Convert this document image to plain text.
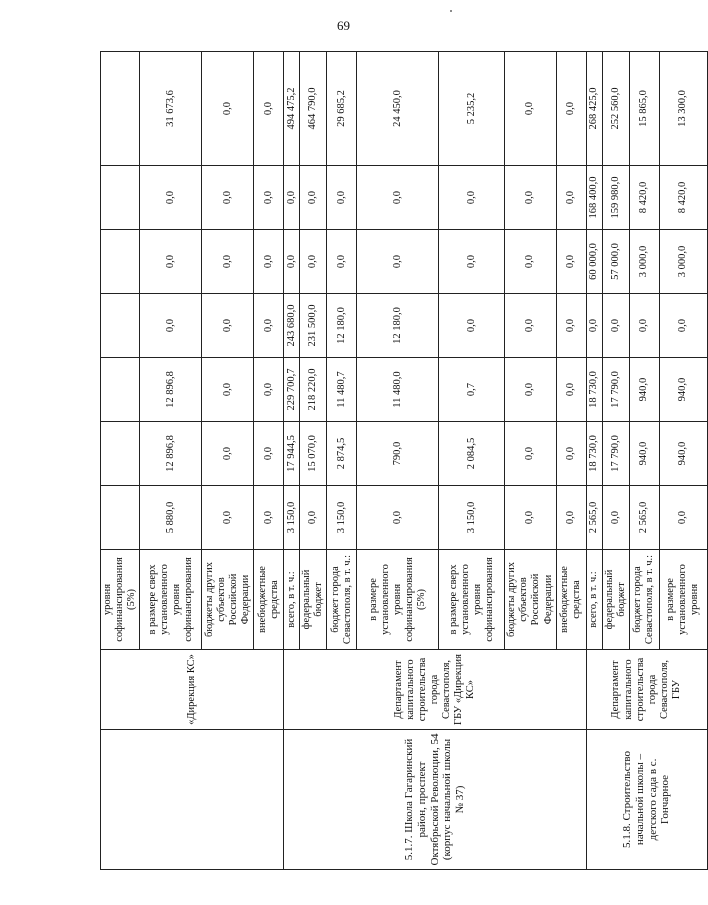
69
	«Дирекция КС»	уровня софинансирования (5%)							
		в размере сверх установленного уровня софинансирования	5 880,0	12 896,8	12 896,8	0,0	0,0	0,0	31 673,6
		бюджеты других субъектов Российской Федерации	0,0	0,0	0,0	0,0	0,0	0,0	0,0
		внебюджетные средства	0,0	0,0	0,0	0,0	0,0	0,0	0,0
5.1.7. Школа Гагаринский район, проспект Октябрьской Революции, 54 (корпус начальной школы № 37)	Департамент капитального строительства города Севастополя, ГБУ «Дирекция КС»	всего, в т. ч.:	3 150,0	17 944,5	229 700,7	243 680,0	0,0	0,0	494 475,2
		федеральный бюджет	0,0	15 070,0	218 220,0	231 500,0	0,0	0,0	464 790,0
		бюджет города Севастополя, в т. ч.:	3 150,0	2 874,5	11 480,7	12 180,0	0,0	0,0	29 685,2
		в размере установленного уровня софинансирования (5%)	0,0	790,0	11 480,0	12 180,0	0,0	0,0	24 450,0
		в размере сверх установленного уровня софинансирования	3 150,0	2 084,5	0,7	0,0	0,0	0,0	5 235,2
		бюджеты других субъектов Российской Федерации	0,0	0,0	0,0	0,0	0,0	0,0	0,0
		внебюджетные средства	0,0	0,0	0,0	0,0	0,0	0,0	0,0
5.1.8. Строительство начальной школы – детского сада в с. Гончарное	Департамент капитального строительства города Севастополя, ГБУ	всего, в т. ч.:	2 565,0	18 730,0	18 730,0	0,0	60 000,0	168 400,0	268 425,0
		федеральный бюджет	0,0	17 790,0	17 790,0	0,0	57 000,0	159 980,0	252 560,0
		бюджет города Севастополя, в т. ч.:	2 565,0	940,0	940,0	0,0	3 000,0	8 420,0	15 865,0
		в размере установленного уровня	0,0	940,0	940,0	0,0	3 000,0	8 420,0	13 300,0
